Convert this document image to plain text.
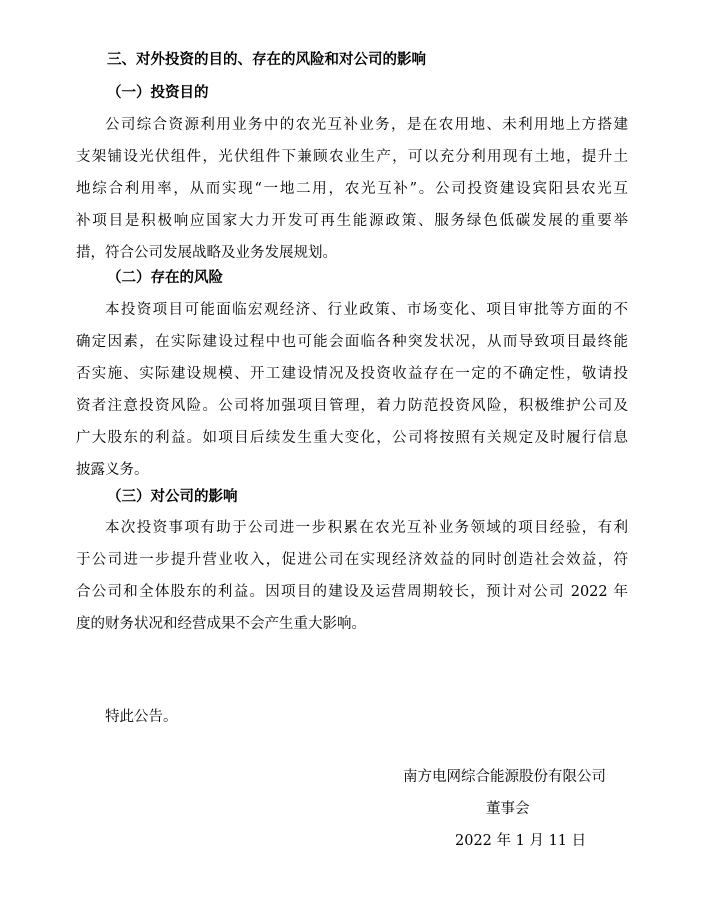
三、对外投资的目的、存在的风险和对公司的影响
（一）投资目的
公司综合资源利用业务中的农光互补业务，是在农用地、未利用地上方搭建
支架铺设光伏组件，光伏组件下兼顾农业生产，可以充分利用现有土地，提升土
地综合利用率，从而实现“一地二用，农光互补”。公司投资建设宾阳县农光互
补项目是积极响应国家大力开发可再生能源政策、服务绿色低碳发展的重要举
措，符合公司发展战略及业务发展规划。
（二）存在的风险
本投资项目可能面临宏观经济、行业政策、市场变化、项目审批等方面的不
确定因素，在实际建设过程中也可能会面临各种突发状况，从而导致项目最终能
否实施、实际建设规模、开工建设情况及投资收益存在一定的不确定性，敬请投
资者注意投资风险。公司将加强项目管理，着力防范投资风险，积极维护公司及
广大股东的利益。如项目后续发生重大变化，公司将按照有关规定及时履行信息
披露义务。
（三）对公司的影响
本次投资事项有助于公司进一步积累在农光互补业务领域的项目经验，有利
于公司进一步提升营业收入，促进公司在实现经济效益的同时创造社会效益，符
合公司和全体股东的利益。因项目的建设及运营周期较长，预计对公司 2022 年
度的财务状况和经营成果不会产生重大影响。
特此公告。
南方电网综合能源股份有限公司
董事会
2022 年 1 月 11 日
